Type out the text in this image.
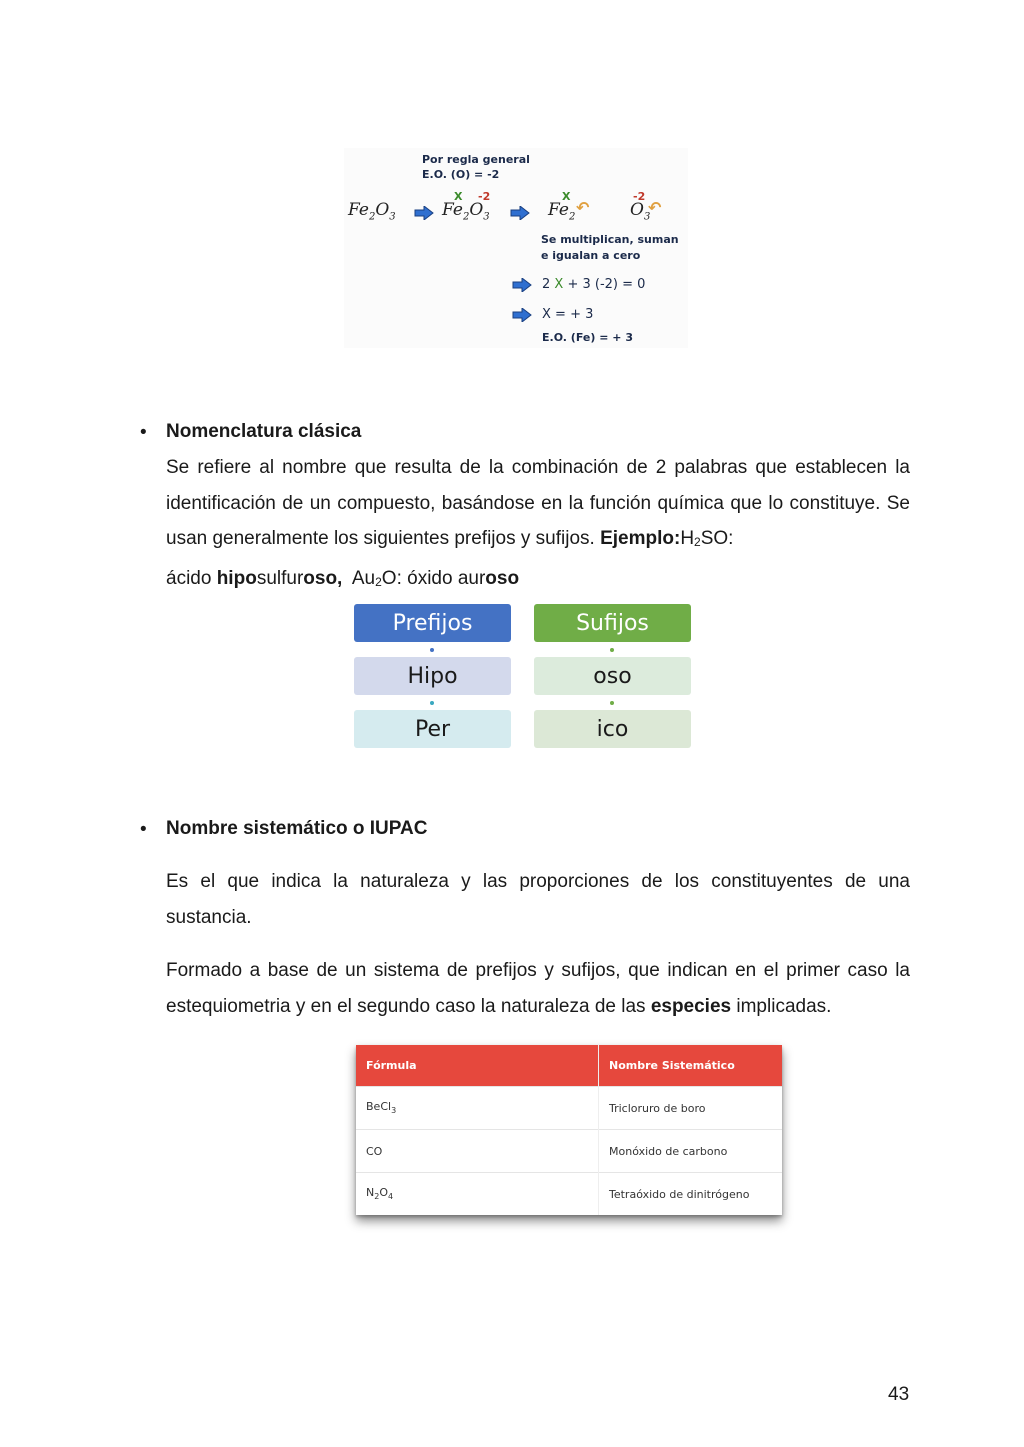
Por regla general
E.O. (O) = -2
$Fe_2O_3$
X -2
$Fe_2O_3$
X
$Fe_2$ ↶
-2
$O_3$
↶
Se multiplican, suman
e igualan a cero
2 X + 3 (-2) = 0
X = + 3
E.O. (Fe) = + 3
• Nomenclatura clásica
Se refiere al nombre que resulta de la combinación de 2 palabras que establecen la identificación de un compuesto, basándose en la función química que lo constituye. Se usan generalmente los siguientes prefijos y sufijos. $Ejemplo:H_2SO$:
ácido hiposulfuroso, $Au_2O$: óxido auroso
Prefijos
Hipo
Per
Sufijos
oso
ico
• Nombre sistemático o IUPAC
Es el que indica la naturaleza y las proporciones de los constituyentes de una sustancia.
Formado a base de un sistema de prefijos y sufijos, que indican en el primer caso la estequiometria y en el segundo caso la naturaleza de las especies implicadas.
Fórmula	Nombre Sistemático
BeCl$_3$	Tricloruro de boro
CO	Monóxido de carbono
$N_2O_4$	Tetraóxido de dinitrógeno
43
